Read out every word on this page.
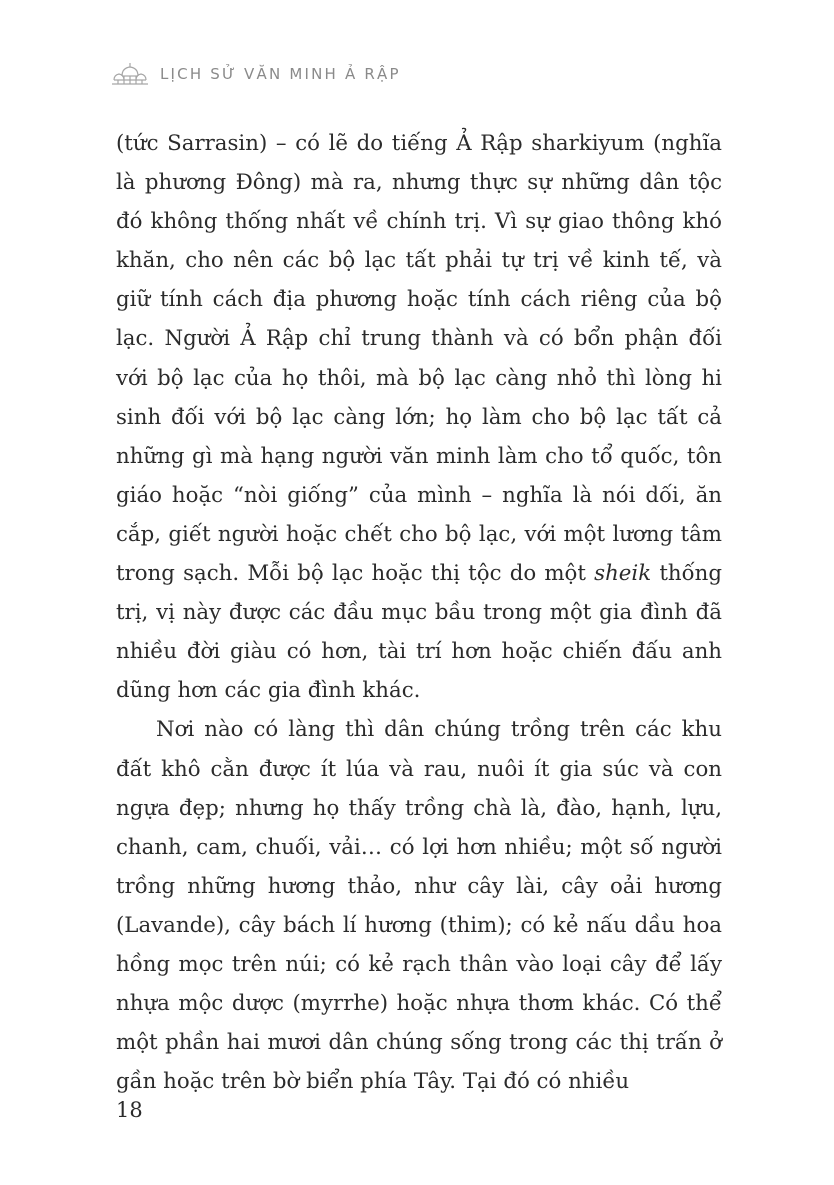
LỊCH SỬ VĂN MINH Ả RẬP

(tức Sarrasin) – có lẽ do tiếng Ả Rập sharkiyum (nghĩa là phương Đông) mà ra, nhưng thực sự những dân tộc đó không thống nhất về chính trị. Vì sự giao thông khó khăn, cho nên các bộ lạc tất phải tự trị về kinh tế, và giữ tính cách địa phương hoặc tính cách riêng của bộ lạc. Người Ả Rập chỉ trung thành và có bổn phận đối với bộ lạc của họ thôi, mà bộ lạc càng nhỏ thì lòng hi sinh đối với bộ lạc càng lớn; họ làm cho bộ lạc tất cả những gì mà hạng người văn minh làm cho tổ quốc, tôn giáo hoặc “nòi giống” của mình – nghĩa là nói dối, ăn cắp, giết người hoặc chết cho bộ lạc, với một lương tâm trong sạch. Mỗi bộ lạc hoặc thị tộc do một sheik thống trị, vị này được các đầu mục bầu trong một gia đình đã nhiều đời giàu có hơn, tài trí hơn hoặc chiến đấu anh dũng hơn các gia đình khác.

Nơi nào có làng thì dân chúng trồng trên các khu đất khô cằn được ít lúa và rau, nuôi ít gia súc và con ngựa đẹp; nhưng họ thấy trồng chà là, đào, hạnh, lựu, chanh, cam, chuối, vải… có lợi hơn nhiều; một số người trồng những hương thảo, như cây lài, cây oải hương (Lavande), cây bách lí hương (thim); có kẻ nấu dầu hoa hồng mọc trên núi; có kẻ rạch thân vào loại cây để lấy nhựa mộc dược (myrrhe) hoặc nhựa thơm khác. Có thể một phần hai mươi dân chúng sống trong các thị trấn ở gần hoặc trên bờ biển phía Tây. Tại đó có nhiều

18
